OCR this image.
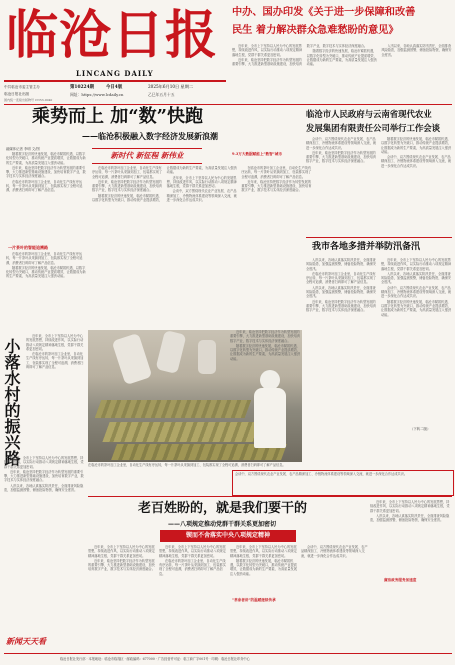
临沧日报
LINCANG DAILY
中共临沧市委主管主办
临沧日报社出版
第10224期	今日4版	2025年6月10日 星期二
网址：https://www.lcdaily.cn	乙巳年五月十五
国内统一连续出版物号 CN53-0040
中办、国办印发《关于进一步保障和改善
民生 着力解决群众急难愁盼的意见》

近年来，全市上下坚持以人民为中心的发展思想，持续改进作风，以实际行动推动八项规定精神落地生根，党群干群关系更加密切。

近年来，临沧坚持把数字经济作为转型发展的重要引擎，大力推进新型基础设施建设，加快培育数字产业，数字技术与实体经济深度融合。

随着数字经济的快速发展，临沧市紧抓机遇，以数字化转型为突破口，推动传统产业提质增效，让数据成为新的生产要素，为高质量发展注入强劲动能。

入汛以来，各地认真落实防汛责任，全面排查风险隐患，加强监测预警，储备抢险物资，确保安全度汛。

乘势而上 加“数”快跑
——临沧积极融入数字经济发展新浪潮
融媒体记者 李明 文/图
新时代 新征程 新伟业

随着数字经济的快速发展，临沧市紧抓机遇，以数字化转型为突破口，推动传统产业提质增效，让数据成为新的生产要素，为高质量发展注入强劲动能。

近年来，临沧坚持把数字经济作为转型发展的重要引擎，大力推进新型基础设施建设，加快培育数字产业，数字技术与实体经济深度融合。

在临沧市的茶叶加工企业里，自动化生产线有序运转，每一片茶叶从采摘到加工、包装都实现了全程可追溯，消费者扫码即可了解产品信息。

一片茶叶的智能追溯路

在临沧市的茶叶加工企业里，自动化生产线有序运转，每一片茶叶从采摘到加工、包装都实现了全程可追溯，消费者扫码即可了解产品信息。

随着数字经济的快速发展，临沧市紧抓机遇，以数字化转型为突破口，推动传统产业提质增效，让数据成为新的生产要素，为高质量发展注入强劲动能。

在临沧市的茶叶加工企业里，自动化生产线有序运转，每一片茶叶从采摘到加工、包装都实现了全程可追溯，消费者扫码即可了解产品信息。

近年来，临沧坚持把数字经济作为转型发展的重要引擎，大力推进新型基础设施建设，加快培育数字产业，数字技术与实体经济深度融合。

随着数字经济的快速发展，临沧市紧抓机遇，以数字化转型为突破口，推动传统产业提质增效，让数据成为新的生产要素，为高质量发展注入强劲动能。

近年来，全市上下坚持以人民为中心的发展思想，持续改进作风，以实际行动推动八项规定精神落地生根，党群干群关系更加密切。

会谈中，双方围绕现代农业产业发展、农产品精深加工、冷链物流体系建设等领域深入交流，就进一步深化合作达成共识。

在临沧市的茶叶加工企业里，自动化生产线有序运转，每一片茶叶从采摘到加工、包装都实现了全程可追溯，消费者扫码即可了解产品信息。

近年来，临沧坚持把数字经济作为转型发展的重要引擎，大力推进新型基础设施建设，加快培育数字产业，数字技术与实体经济深度融合。

9.3万大数据赋能上“数智”城市
临沧市人民政府与云南省现代农业
发展集团有限责任公司举行工作会谈

会谈中，双方围绕现代农业产业发展、农产品精深加工、冷链物流体系建设等领域深入交流，就进一步深化合作达成共识。

近年来，临沧坚持把数字经济作为转型发展的重要引擎，大力推进新型基础设施建设，加快培育数字产业，数字技术与实体经济深度融合。

随着数字经济的快速发展，临沧市紧抓机遇，以数字化转型为突破口，推动传统产业提质增效，让数据成为新的生产要素，为高质量发展注入强劲动能。

会谈中，双方围绕现代农业产业发展、农产品精深加工、冷链物流体系建设等领域深入交流，就进一步深化合作达成共识。

我市各地多措并举防汛备汛

入汛以来，各地认真落实防汛责任，全面排查风险隐患，加强监测预警，储备抢险物资，确保安全度汛。

在临沧市的茶叶加工企业里，自动化生产线有序运转，每一片茶叶从采摘到加工、包装都实现了全程可追溯，消费者扫码即可了解产品信息。

入汛以来，各地认真落实防汛责任，全面排查风险隐患，加强监测预警，储备抢险物资，确保安全度汛。

近年来，临沧坚持把数字经济作为转型发展的重要引擎，大力推进新型基础设施建设，加快培育数字产业，数字技术与实体经济深度融合。

近年来，全市上下坚持以人民为中心的发展思想，持续改进作风，以实际行动推动八项规定精神落地生根，党群干群关系更加密切。

入汛以来，各地认真落实防汛责任，全面排查风险隐患，加强监测预警，储备抢险物资，确保安全度汛。

会谈中，双方围绕现代农业产业发展、农产品精深加工、冷链物流体系建设等领域深入交流，就进一步深化合作达成共识。

随着数字经济的快速发展，临沧市紧抓机遇，以数字化转型为突破口，推动传统产业提质增效，让数据成为新的生产要素，为高质量发展注入强劲动能。

（下转二版）
小落水村的振兴路

近年来，全市上下坚持以人民为中心的发展思想，持续改进作风，以实际行动推动八项规定精神落地生根，党群干群关系更加密切。

在临沧市的茶叶加工企业里，自动化生产线有序运转，每一片茶叶从采摘到加工、包装都实现了全程可追溯，消费者扫码即可了解产品信息。

近年来，全市上下坚持以人民为中心的发展思想，持续改进作风，以实际行动推动八项规定精神落地生根，党群干群关系更加密切。

近年来，临沧坚持把数字经济作为转型发展的重要引擎，大力推进新型基础设施建设，加快培育数字产业，数字技术与实体经济深度融合。

入汛以来，各地认真落实防汛责任，全面排查风险隐患，加强监测预警，储备抢险物资，确保安全度汛。

在临沧市的茶叶加工企业里，自动化生产线有序运转，每一片茶叶从采摘到加工、包装都实现了全程可追溯，消费者扫码即可了解产品信息。

近年来，临沧坚持把数字经济作为转型发展的重要引擎，大力推进新型基础设施建设，加快培育数字产业，数字技术与实体经济深度融合。

随着数字经济的快速发展，临沧市紧抓机遇，以数字化转型为突破口，推动传统产业提质增效，让数据成为新的生产要素，为高质量发展注入强劲动能。

会谈中，双方围绕现代农业产业发展、农产品精深加工、冷链物流体系建设等领域深入交流，就进一步深化合作达成共识。
老百姓盼的，就是我们要干的
——八项规定推动党群干群关系更加密切
锲而不舍落实中央八项规定精神

近年来，全市上下坚持以人民为中心的发展思想，持续改进作风，以实际行动推动八项规定精神落地生根，党群干群关系更加密切。

近年来，临沧坚持把数字经济作为转型发展的重要引擎，大力推进新型基础设施建设，加快培育数字产业，数字技术与实体经济深度融合。

近年来，全市上下坚持以人民为中心的发展思想，持续改进作风，以实际行动推动八项规定精神落地生根，党群干群关系更加密切。

在临沧市的茶叶加工企业里，自动化生产线有序运转，每一片茶叶从采摘到加工、包装都实现了全程可追溯，消费者扫码即可了解产品信息。

近年来，全市上下坚持以人民为中心的发展思想，持续改进作风，以实际行动推动八项规定精神落地生根，党群干群关系更加密切。

随着数字经济的快速发展，临沧市紧抓机遇，以数字化转型为突破口，推动传统产业提质增效，让数据成为新的生产要素，为高质量发展注入强劲动能。

会谈中，双方围绕现代农业产业发展、农产品精深加工、冷链物流体系建设等领域深入交流，就进一步深化合作达成共识。

“革命者讲”的温暖接续传承

近年来，全市上下坚持以人民为中心的发展思想，持续改进作风，以实际行动推动八项规定精神落地生根，党群干群关系更加密切。

入汛以来，各地认真落实防汛责任，全面排查风险隐患，加强监测预警，储备抢险物资，确保安全度汛。

廉洁政务服务加速度
新闻天天看
临沧日报社发行部 · 本报地址：临沧市临翔区 · 邮政编码：677000 · 广告经营许可证：临工商广字001号 · 印刷：临沧日报社印务中心
